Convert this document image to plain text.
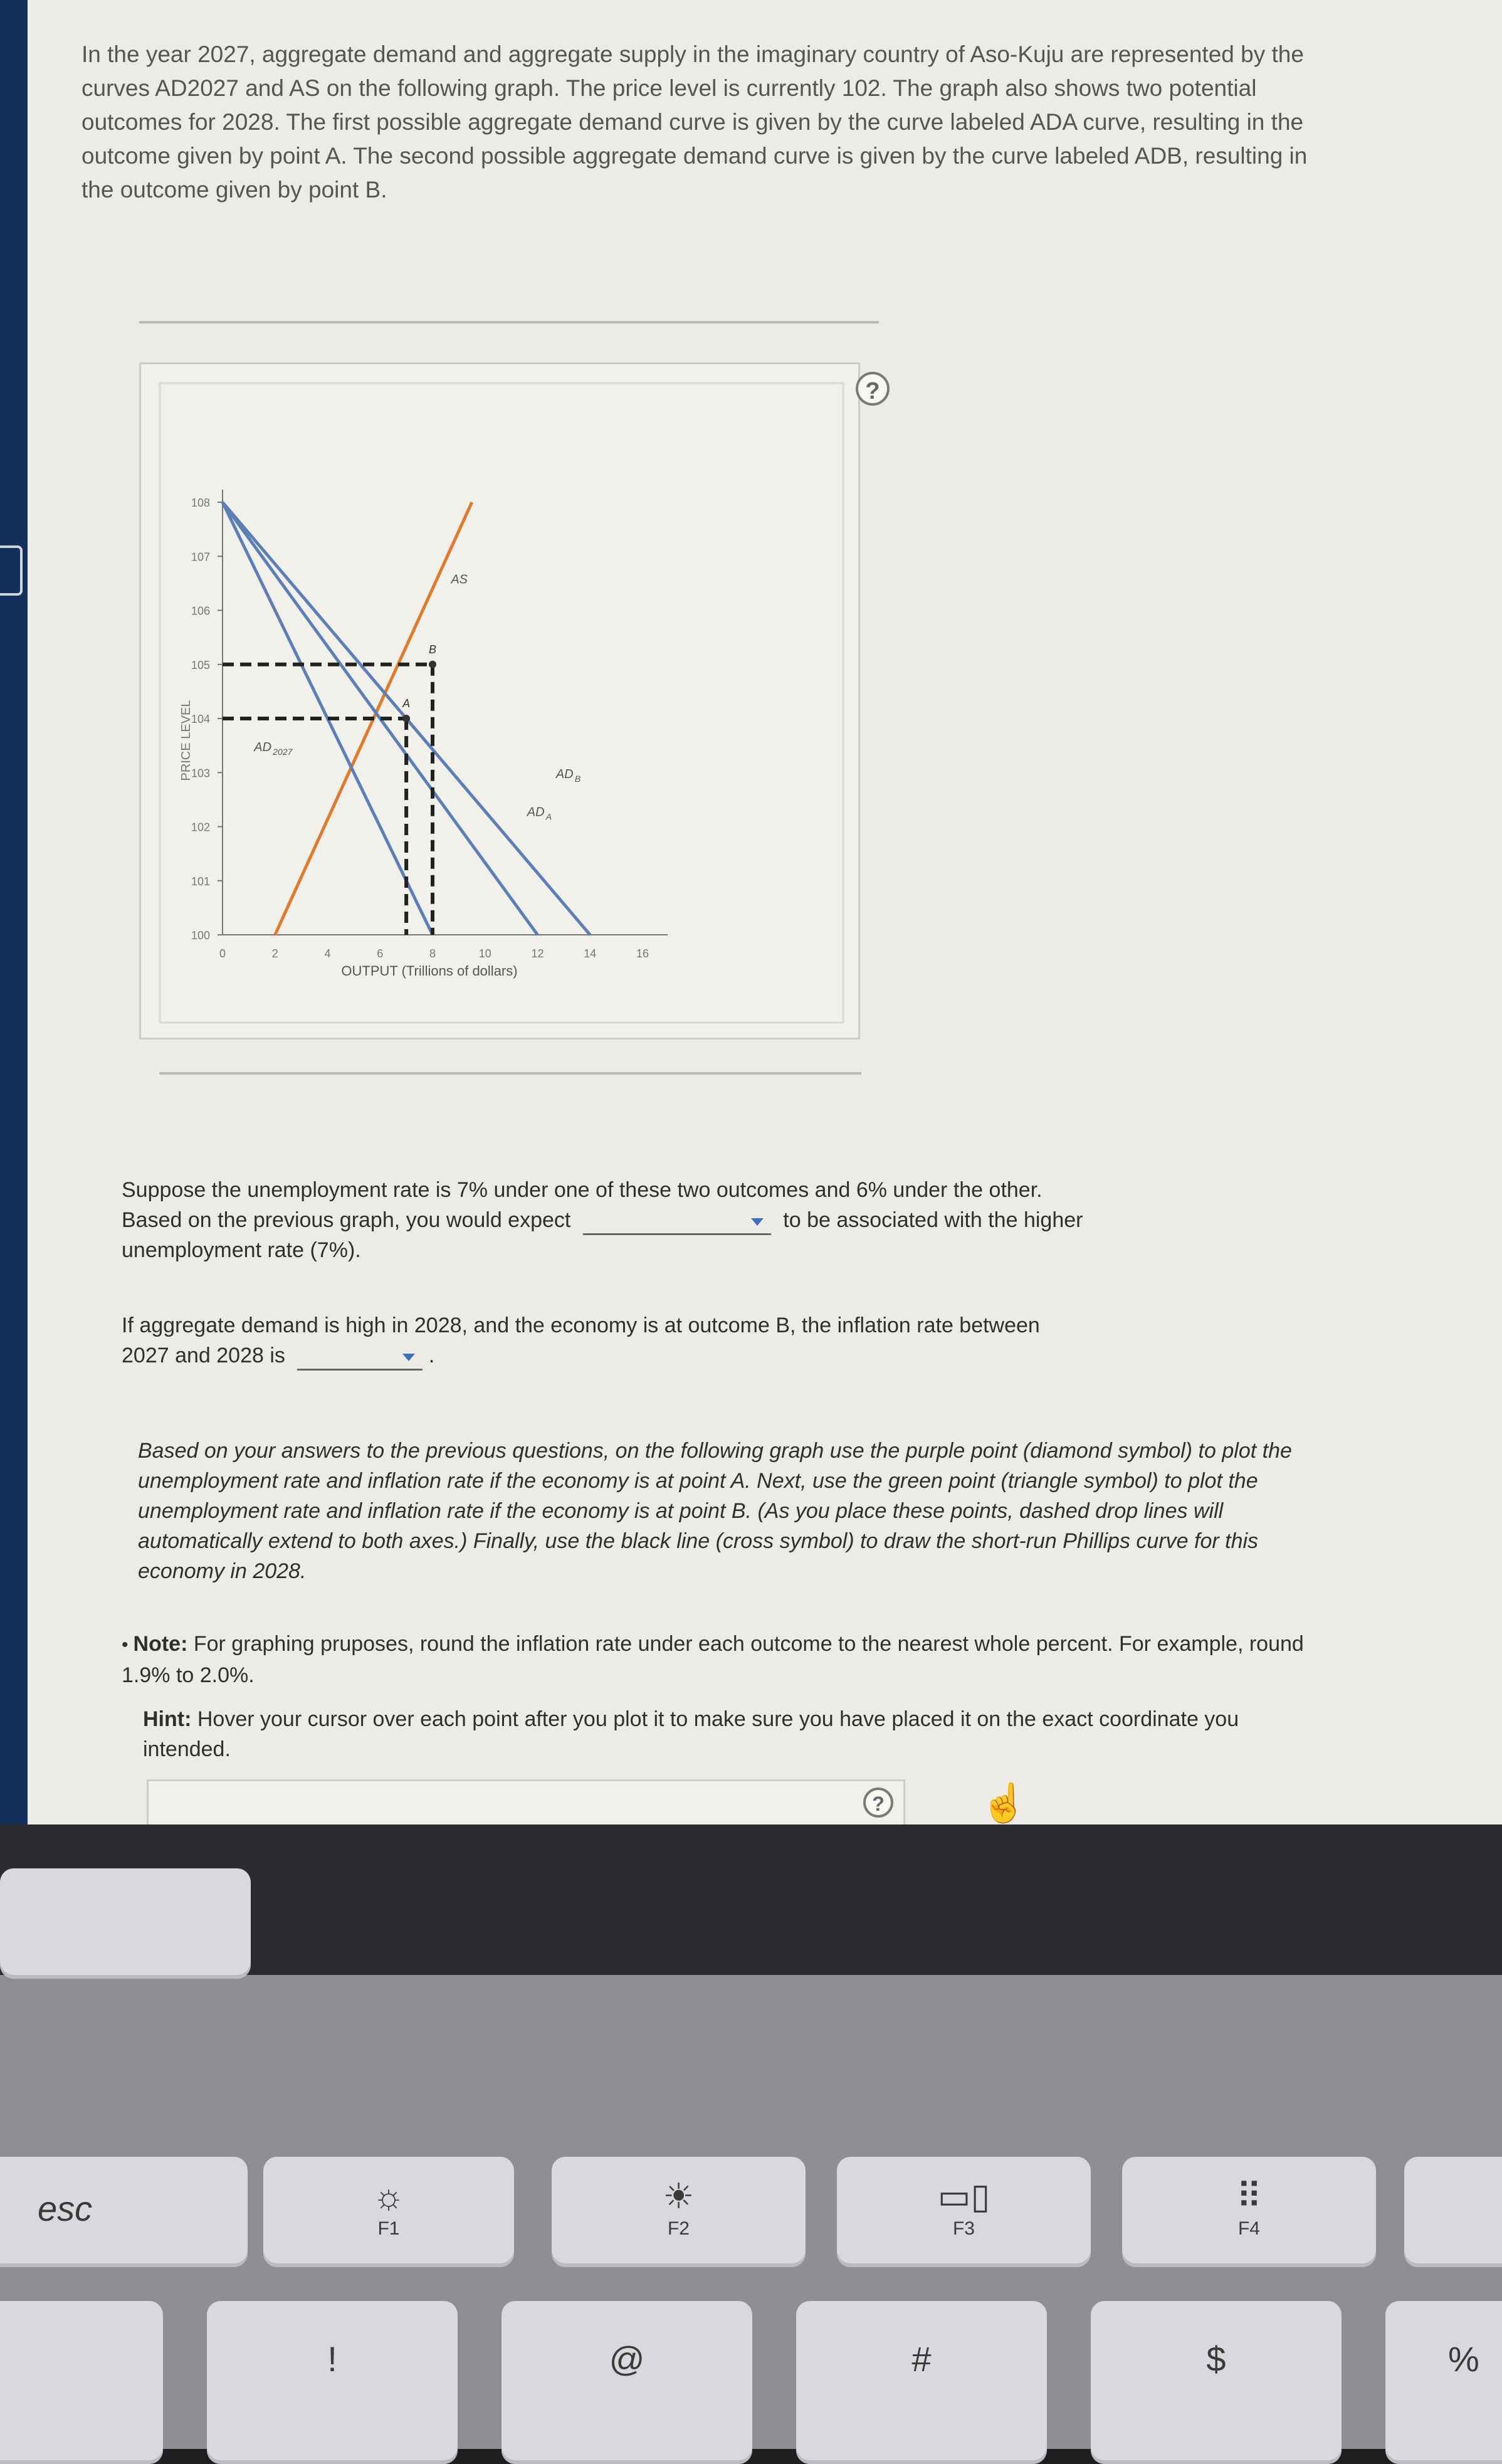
In the year 2027, aggregate demand and aggregate supply in the imaginary country of Aso-Kuju are represented by the curves AD2027 and AS on the following graph. The price level is currently 102. The graph also shows two potential outcomes for 2028. The first possible aggregate demand curve is given by the curve labeled ADA curve, resulting in the outcome given by point A. The second possible aggregate demand curve is given by the curve labeled ADB, resulting in the outcome given by point B.
?
PRICE LEVEL
OUTPUT (Trillions of dollars)
100
101
102
103
104
105
106
107
108
0	2	4	6	8	10	12	14	16
A
B
AS
AD 2027
AD A
AD B
Suppose the unemployment rate is 7% under one of these two outcomes and 6% under the other.
Based on the previous graph, you would expect	to be associated with the higher
unemployment rate (7%).
If aggregate demand is high in 2028, and the economy is at outcome B, the inflation rate between
2027 and 2028 is	.
Based on your answers to the previous questions, on the following graph use the purple point (diamond symbol) to plot the unemployment rate and inflation rate if the economy is at point A. Next, use the green point (triangle symbol) to plot the unemployment rate and inflation rate if the economy is at point B. (As you place these points, dashed drop lines will automatically extend to both axes.) Finally, use the black line (cross symbol) to draw the short-run Phillips curve for this economy in 2028.
• Note: For graphing pruposes, round the inflation rate under each outcome to the nearest whole percent. For example, round 1.9% to 2.0%.
Hint: Hover your cursor over each point after you plot it to make sure you have placed it on the exact coordinate you intended.
?	☝
esc	☼
F1
☀
F2
▭▯
F3
⠿
F4
!	@	#	$	%
